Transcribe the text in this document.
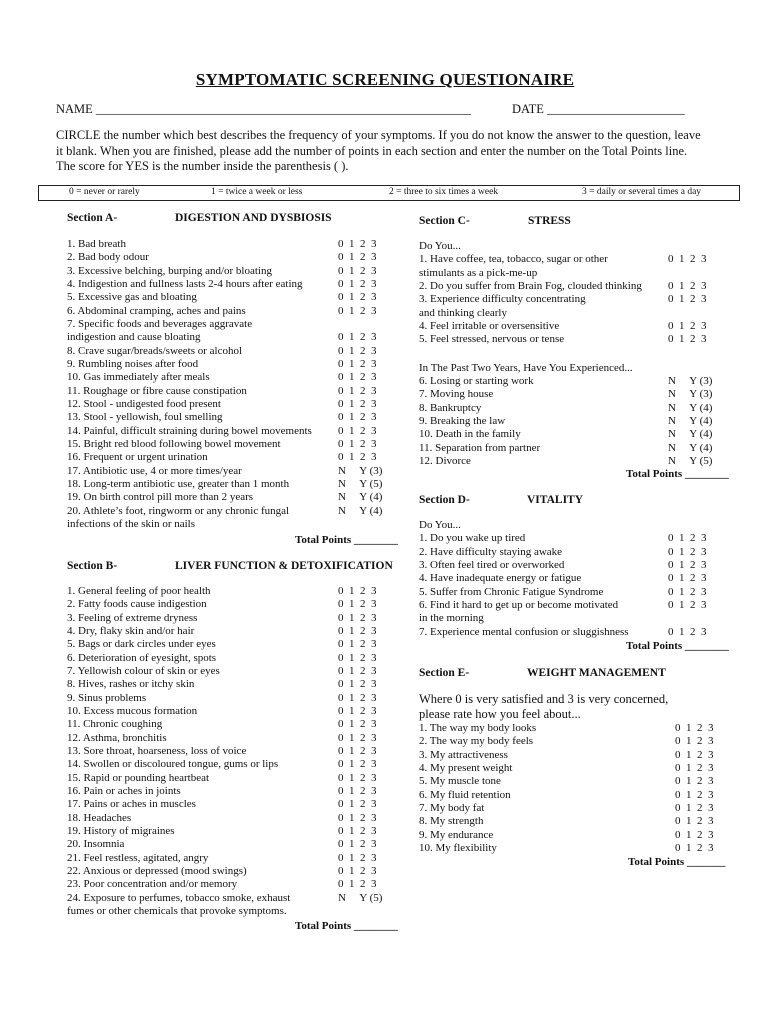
SYMPTOMATIC SCREENING QUESTIONAIRE
NAME ____________________________________________________________	DATE ______________________
CIRCLE the number which best describes the frequency of your symptoms. If you do not know the answer to the question, leave
it blank. When you are finished, please add the number of points in each section and enter the number on the Total Points line.
The score for YES is the number inside the parenthesis ( ).
0 = never or rarely	1 = twice a week or less	2 = three to six times a week	3 = daily or several times a day
Section A-	DIGESTION AND DYSBIOSIS
Section B-	LIVER FUNCTION & DETOXIFICATION
Section C-	STRESS
Section D-	VITALITY
Section E-	WEIGHT MANAGEMENT
Where 0 is very satisfied and 3 is very concerned,
please rate how you feel about...
1. Bad breath	0  1  2  3
2. Bad body odour	0  1  2  3
3. Excessive belching, burping and/or bloating	0  1  2  3
4. Indigestion and fullness lasts 2-4 hours after eating	0  1  2  3
5. Excessive gas and bloating	0  1  2  3
6. Abdominal cramping, aches and pains	0  1  2  3
7. Specific foods and beverages aggravate
indigestion and cause bloating	0  1  2  3
8. Crave sugar/breads/sweets or alcohol	0  1  2  3
9. Rumbling noises after food	0  1  2  3
10. Gas immediately after meals	0  1  2  3
11. Roughage or fibre cause constipation	0  1  2  3
12. Stool - undigested food present	0  1  2  3
13. Stool - yellowish, foul smelling	0  1  2  3
14. Painful, difficult straining during bowel movements 0  1  2  3
15. Bright red blood following bowel movement	0  1  2  3
16. Frequent or urgent urination	0  1  2  3
17. Antibiotic use, 4 or more times/year	N     Y (3)
18. Long-term antibiotic use, greater than 1 month	N     Y (5)
19. On birth control pill more than 2 years	N     Y (4)
20. Athlete’s foot, ringworm or any chronic fungal	N     Y (4)
infections of the skin or nails
1. General feeling of poor health	0  1  2  3
2. Fatty foods cause indigestion	0  1  2  3
3. Feeling of extreme dryness	0  1  2  3
4. Dry, flaky skin and/or hair	0  1  2  3
5. Bags or dark circles under eyes	0  1  2  3
6. Deterioration of eyesight, spots	0  1  2  3
7. Yellowish colour of skin or eyes	0  1  2  3
8. Hives, rashes or itchy skin	0  1  2  3
9. Sinus problems	0  1  2  3
10. Excess mucous formation	0  1  2  3
11. Chronic coughing	0  1  2  3
12. Asthma, bronchitis	0  1  2  3
13. Sore throat, hoarseness, loss of voice	0  1  2  3
14. Swollen or discoloured tongue, gums or lips	0  1  2  3
15. Rapid or pounding heartbeat	0  1  2  3
16. Pain or aches in joints	0  1  2  3
17. Pains or aches in muscles	0  1  2  3
18. Headaches	0  1  2  3
19. History of migraines	0  1  2  3
20. Insomnia	0  1  2  3
21. Feel restless, agitated, angry	0  1  2  3
22. Anxious or depressed (mood swings)	0  1  2  3
23. Poor concentration and/or memory	0  1  2  3
24. Exposure to perfumes, tobacco smoke, exhaust	N     Y (5)
fumes or other chemicals that provoke symptoms.
Do You...
1. Have coffee, tea, tobacco, sugar or other	0  1  2  3
stimulants as a pick-me-up
2. Do you suffer from Brain Fog, clouded thinking 0  1  2  3
3. Experience difficulty concentrating	0  1  2  3
and thinking clearly
4. Feel irritable or oversensitive	0  1  2  3
5. Feel stressed, nervous or tense	0  1  2  3
6. Losing or starting work	N     Y (3)
7. Moving house	N     Y (3)
8. Bankruptcy	N     Y (4)
9. Breaking the law	N     Y (4)
10. Death in the family	N     Y (4)
11. Separation from partner	N     Y (4)
12. Divorce	N     Y (5)
Do You...
1. Do you wake up tired	0  1  2  3
2. Have difficulty staying awake	0  1  2  3
3. Often feel tired or overworked	0  1  2  3
4. Have inadequate energy or fatigue	0  1  2  3
5. Suffer from Chronic Fatigue Syndrome	0  1  2  3
6. Find it hard to get up or become motivated	0  1  2  3
in the morning
7. Experience mental confusion or sluggishness	0  1  2  3
1. The way my body looks	0  1  2  3
2. The way my body feels	0  1  2  3
3. My attractiveness	0  1  2  3
4. My present weight	0  1  2  3
5. My muscle tone	0  1  2  3
6. My fluid retention	0  1  2  3
7. My body fat	0  1  2  3
8. My strength	0  1  2  3
9. My endurance	0  1  2  3
10. My flexibility	0  1  2  3
In The Past Two Years, Have You Experienced...
Total Points ________
Total Points ________
Total Points ________
Total Points ________
Total Points _______
